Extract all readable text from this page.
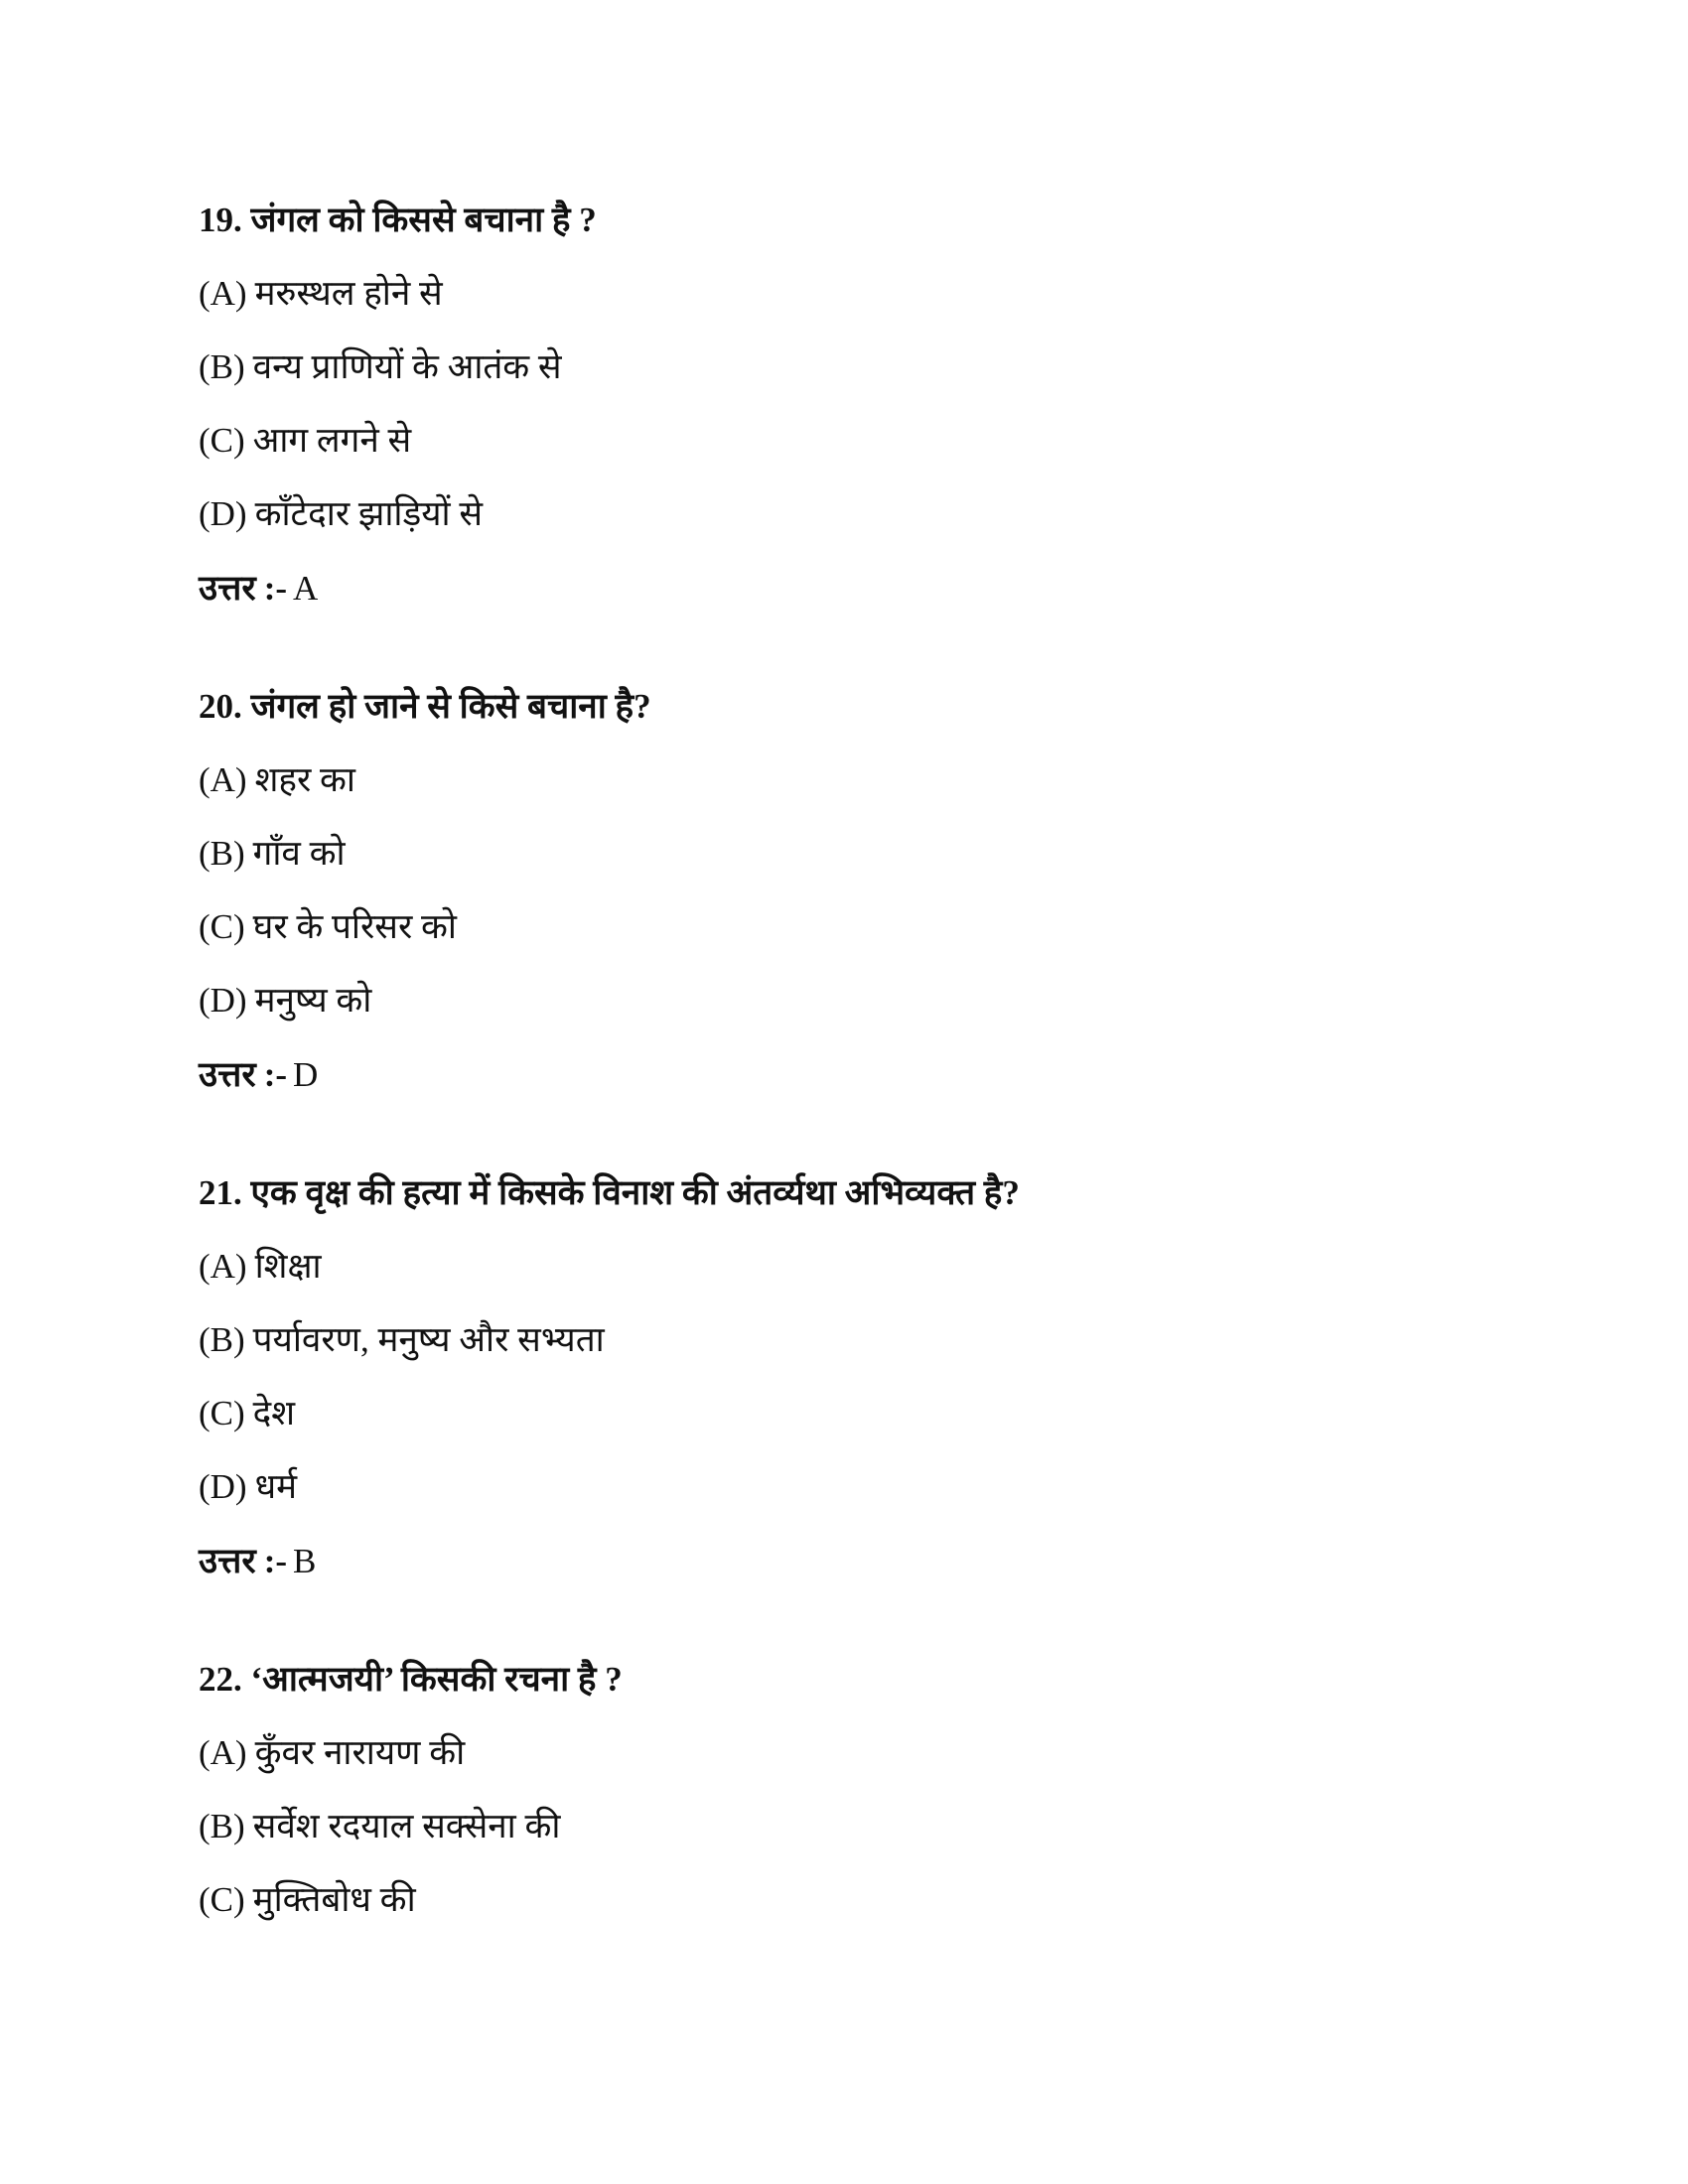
19. जंगल को किससे बचाना है ?
(A) मरुस्थल होने से
(B) वन्य प्राणियों के आतंक से
(C) आग लगने से
(D) काँटेदार झाड़ियों से
उत्तर :- A
20. जंगल हो जाने से किसे बचाना है?
(A) शहर का
(B) गाँव को
(C) घर के परिसर को
(D) मनुष्य को
उत्तर :- D
21. एक वृक्ष की हत्या में किसके विनाश की अंतर्व्यथा अभिव्यक्त है?
(A) शिक्षा
(B) पर्यावरण, मनुष्य और सभ्यता
(C) देश
(D) धर्म
उत्तर :- B
22. ‘आत्मजयी’ किसकी रचना है ?
(A) कुँवर नारायण की
(B) सर्वेश रदयाल सक्सेना की
(C) मुक्तिबोध की
